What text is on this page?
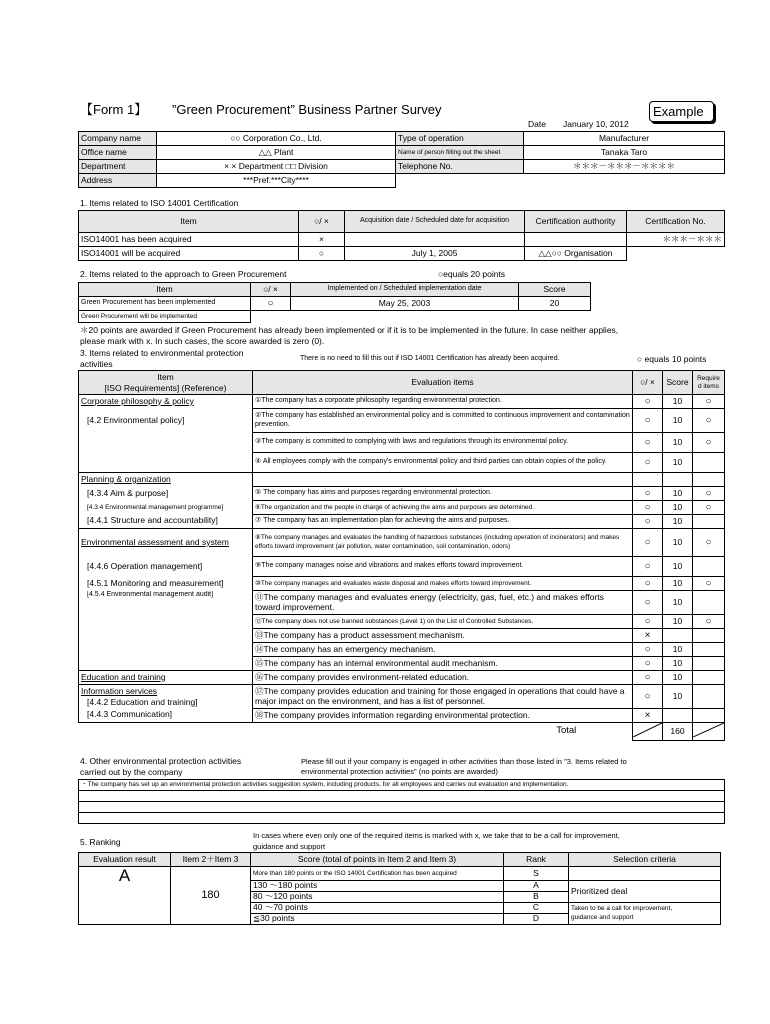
【Form 1】 ”Green Procurement” Business Partner Survey	Example
Date January 10, 2012
Company name	○○ Corporation Co., Ltd.	Type of operation	Manufacturer
Office name	△△ Plant	Name of person filling out the sheet	Tanaka Taro
Department	× × Department □□ Division	Telephone No.	＊＊＊－＊＊＊－＊＊＊＊
Address	***Pref.***City****		
1. Items related to ISO 14001 Certification
Item	○/ ×	Acquisition date / Scheduled date for acquisition	Certification authority	Certification No.
ISO14001 has been acquired	×			＊＊＊－＊＊＊
ISO14001 will be acquired	○	July 1, 2005	△△○○ Organisation	
2. Items related to the approach to Green Procurement	○equals 20 points
Item	○/ ×	Implemented on / Scheduled implementation date	Score
Green Procurement has been implemented	○	May 25, 2003	20
Green Procurement will be implemented			
＊20 points are awarded if Green Procurement has already been implemented or if it is to be implemented in the future. In case neither applies,
please mark with x. In such cases, the score awarded is zero (0).
3. Items related to environmental protection
activities
There is no need to fill this out if ISO 14001 Certification has already been acquired.	○ equals 10 points
Item
[ISO Requirements] (Reference)	Evaluation items	○/ ×	Score	Require
d items
Corporate philosophy & policy	①The company has a corporate philosophy regarding environmental protection.	○	10	○
[4.2 Environmental policy]	②The company has established an environmental policy and is committed to continuous improvement and contamination prevention.	○	10	○
	③The company is committed to complying with laws and regulations through its environmental policy.	○	10	○
	④ All employees comply with the company's environmental policy and third parties can obtain copies of the policy.	○	10	
Planning & organization				
[4.3.4 Aim & purpose]	⑤ The company has aims and purposes regarding environmental protection.	○	10	○
[4.3.4 Environmental management programme]	⑥The organization and the people in charge of achieving the aims and purposes are determined.	○	10	○
[4.4.1 Structure and accountability]	⑦ The company has an implementation plan for achieving the aims and purposes.	○	10	
Environmental assessment and system	⑧The company manages and evaluates the handling of hazardous substances (including operation of incinerators) and makes efforts toward improvement (air pollution, water contamination, soil contamination, odors)	○	10	○
[4.4.6 Operation management]	⑨The company manages noise and vibrations and makes efforts toward improvement.	○	10	
[4.5.1 Monitoring and measurement]	⑩The company manages and evaluates waste disposal and makes efforts toward improvement.	○	10	○
[4.5.4 Environmental management audit]	⑪The company manages and evaluates energy (electricity, gas, fuel, etc.) and makes efforts toward improvement.	○	10	
	⑫The company does not use banned substances (Level 1) on the List of Controlled Substances.	○	10	○
	⑬The company has a product assessment mechanism.	×		
	⑭The company has an emergency mechanism.	○	10	
	⑮The company has an internal environmental audit mechanism.	○	10	
Education and training	⑯The company provides environment-related education.	○	10	
Information services
[4.4.2 Education and training]	⑰The company provides education and training for those engaged in operations that could have a major impact on the environment, and has a list of personnel.	○	10	
[4.4.3 Communication]	⑱The company provides information regarding environmental protection.	×		
	Total		160	
4. Other environmental protection activities
carried out by the company
Please fill out if your company is engaged in other activities than those listed in "3. Items related to
environmental protection activities" (no points are awarded)
・The company has set up an environmental protection activities suggestion system, including products, for all employees and carries out evaluation and implementation.

5. Ranking
In cases where even only one of the required items is marked with x, we take that to be a call for improvement,
guidance and support
Evaluation result	Item 2＋Item 3	Score (total of points in Item 2 and Item 3)	Rank	Selection criteria
A	180	More than 180 points or the ISO 14001 Certification has been acquired	S	
		130 ～180 points	A	Prioritized deal
		80 ～120 points	B	
		40 ～70 points	C	Taken to be a call for improvement,
guidance and support
		≦30 points	D	
